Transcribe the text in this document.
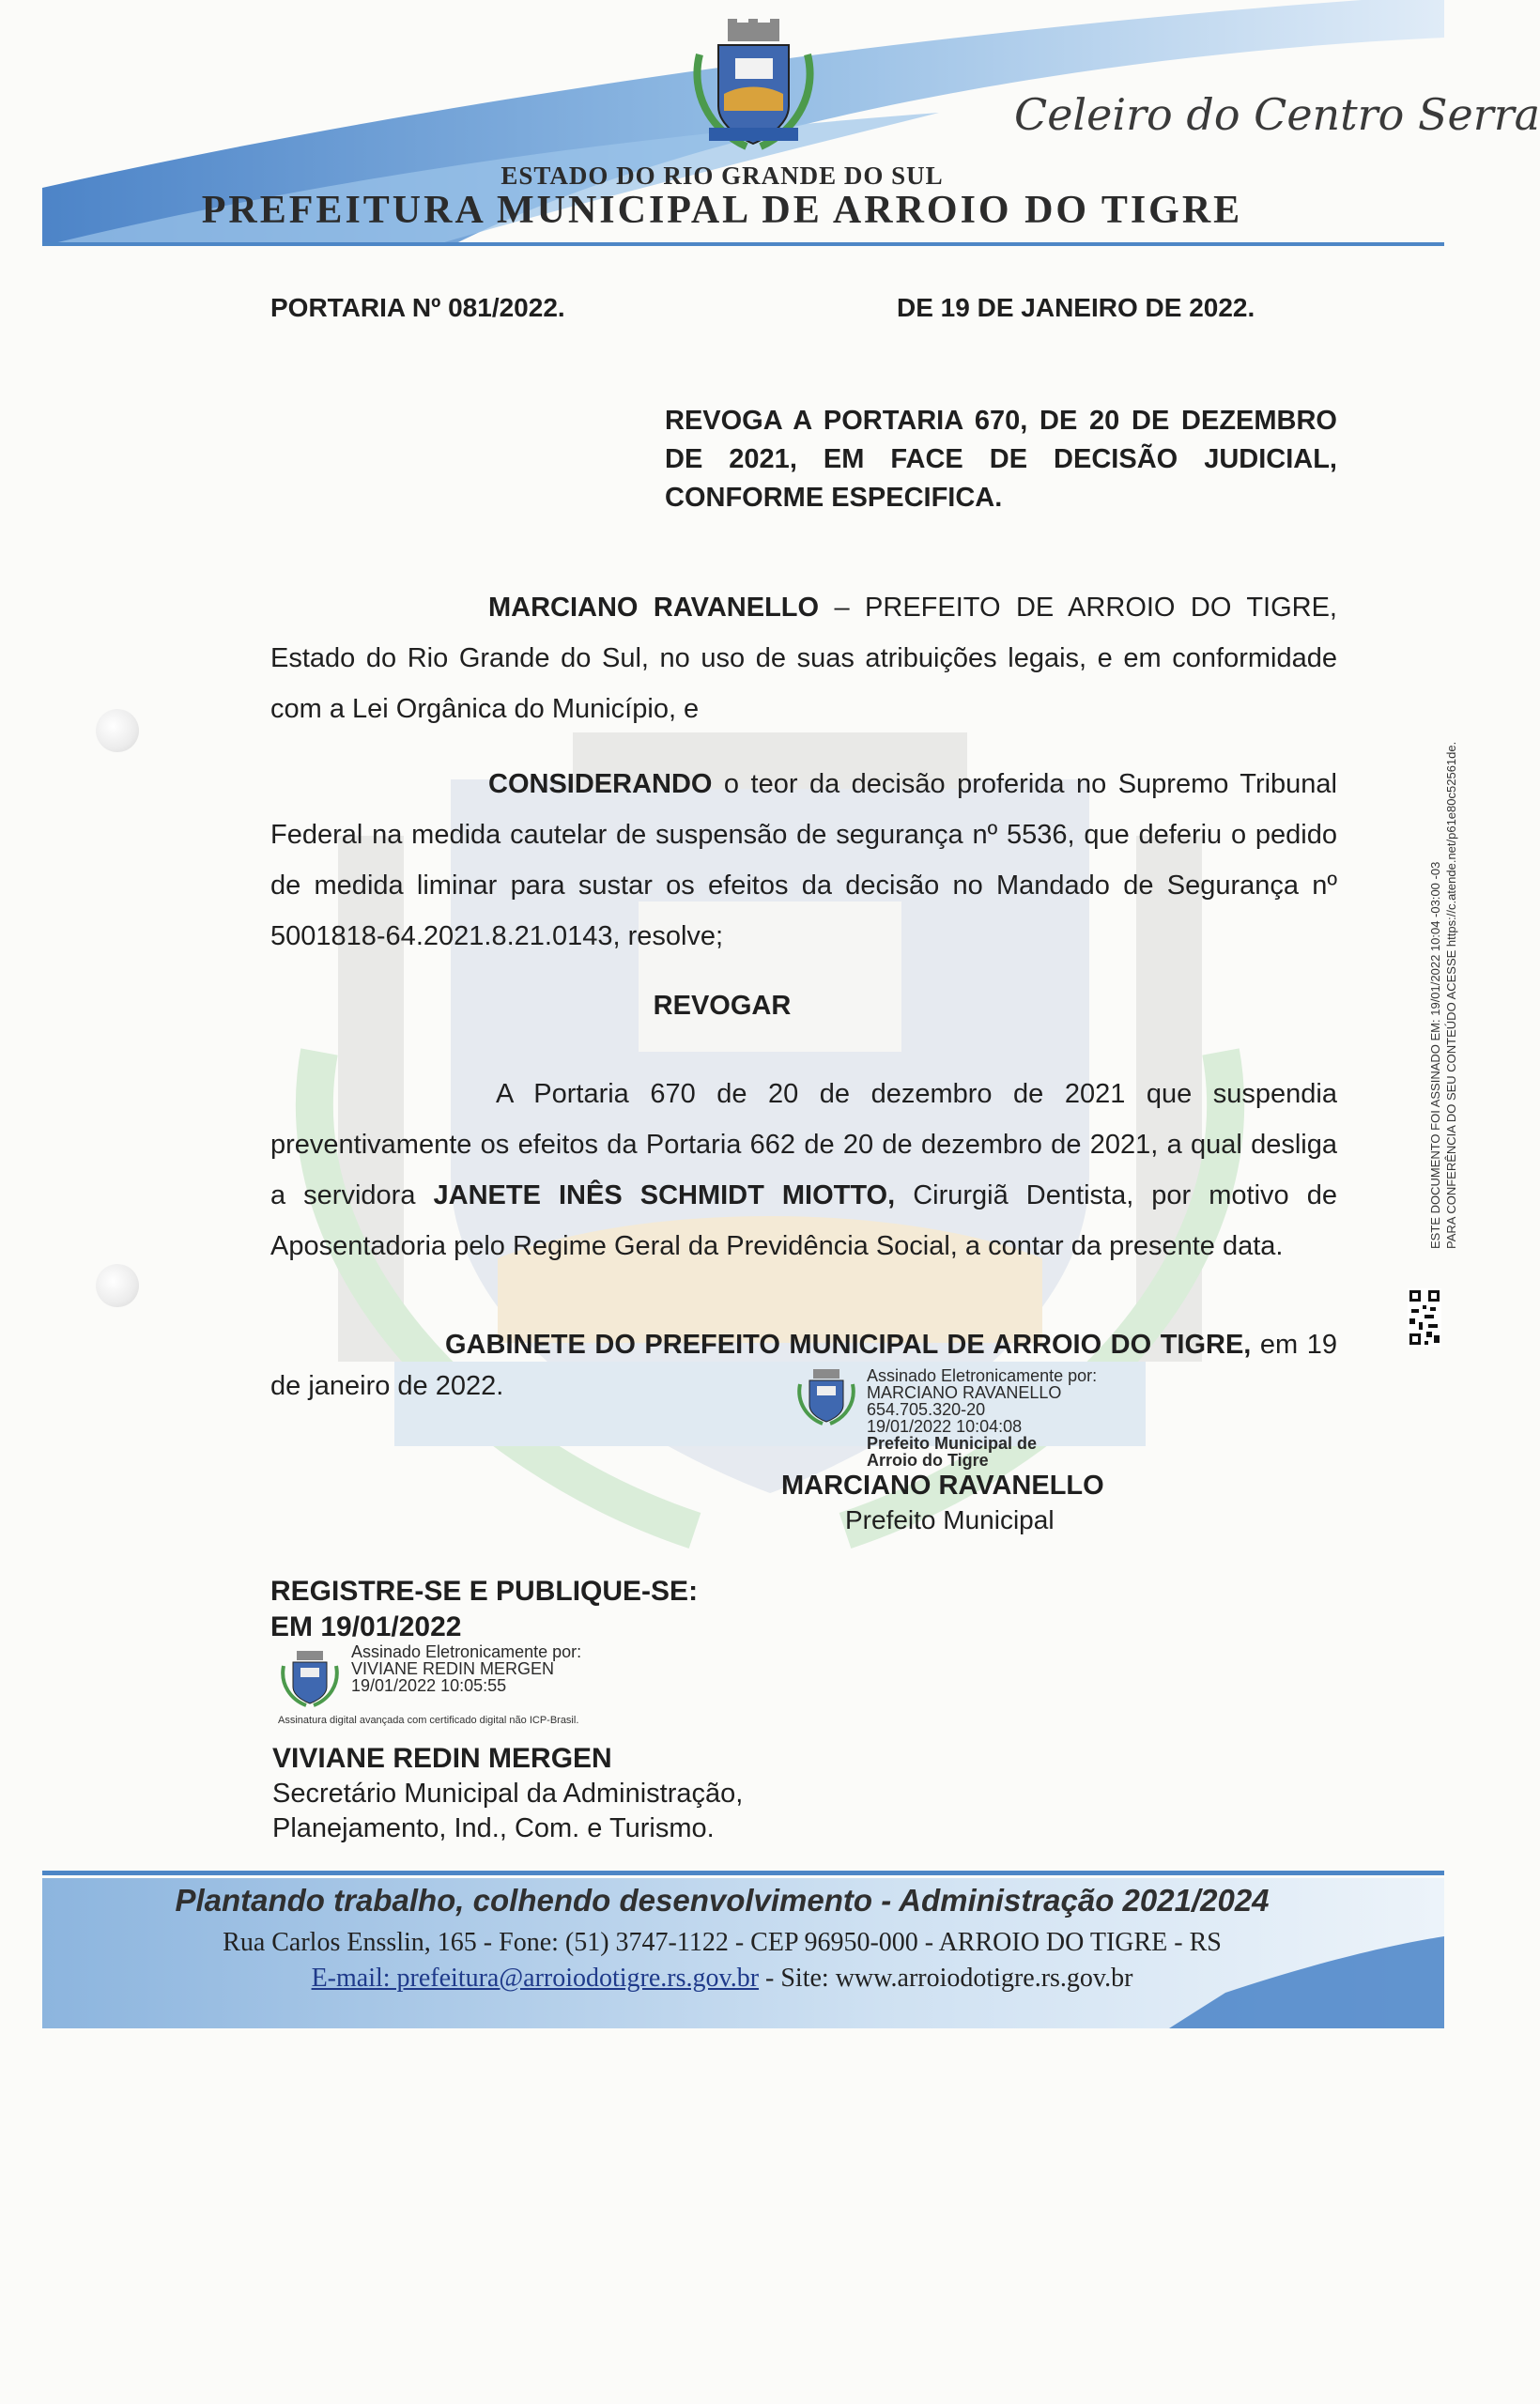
Celeiro do Centro Serra
ESTADO DO RIO GRANDE DO SUL
PREFEITURA MUNICIPAL DE ARROIO DO TIGRE
PORTARIA Nº 081/2022.	DE 19 DE JANEIRO DE 2022.
REVOGA A PORTARIA 670, DE 20 DE DEZEMBRO DE 2021, EM FACE DE DECISÃO JUDICIAL, CONFORME ESPECIFICA.
MARCIANO RAVANELLO – PREFEITO DE ARROIO DO TIGRE, Estado do Rio Grande do Sul, no uso de suas atribuições legais, e em conformidade com a Lei Orgânica do Município, e
CONSIDERANDO o teor da decisão proferida no Supremo Tribunal Federal na medida cautelar de suspensão de segurança nº 5536, que deferiu o pedido de medida liminar para sustar os efeitos da decisão no Mandado de Segurança nº 5001818-64.2021.8.21.0143, resolve;
REVOGAR
A Portaria 670 de 20 de dezembro de 2021 que suspendia preventivamente os efeitos da Portaria 662 de 20 de dezembro de 2021, a qual desliga a servidora JANETE INÊS SCHMIDT MIOTTO, Cirurgiã Dentista, por motivo de Aposentadoria pelo Regime Geral da Previdência Social, a contar da presente data.
GABINETE DO PREFEITO MUNICIPAL DE ARROIO DO TIGRE, em 19 de janeiro de 2022.	Assinado Eletronicamente por:
MARCIANO RAVANELLO
654.705.320-20
19/01/2022 10:04:08
Prefeito Municipal de
Arroio do Tigre
MARCIANO RAVANELLO
Prefeito Municipal
REGISTRE-SE E PUBLIQUE-SE:
EM 19/01/2022
Assinado Eletronicamente por:
VIVIANE REDIN MERGEN
19/01/2022 10:05:55
Assinatura digital avançada com certificado digital não ICP-Brasil.
VIVIANE REDIN MERGEN
Secretário Municipal da Administração,
Planejamento, Ind., Com. e Turismo.
ESTE DOCUMENTO FOI ASSINADO EM: 19/01/2022 10:04 -03:00 -03 PARA CONFERÊNCIA DO SEU CONTEÚDO ACESSE https://c.atende.net/p61e80c52561de.
Plantando trabalho, colhendo desenvolvimento - Administração 2021/2024
Rua Carlos Ensslin, 165 - Fone: (51) 3747-1122 - CEP 96950-000 - ARROIO DO TIGRE - RS
E-mail: prefeitura@arroiodotigre.rs.gov.br - Site: www.arroiodotigre.rs.gov.br
